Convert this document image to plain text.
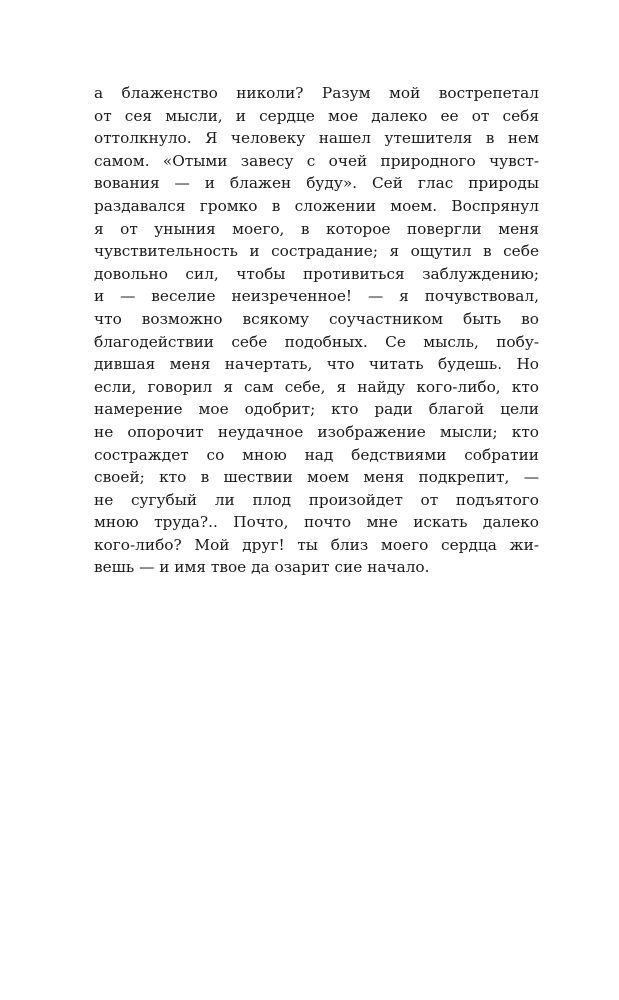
а блаженство николи? Разум мой вострепетал
от сея мысли, и сердце мое далеко ее от себя
оттолкнуло. Я человеку нашел утешителя в нем
самом. «Отыми завесу с очей природного чувст-
вования — и блажен буду». Сей глас природы
раздавался громко в сложении моем. Воспрянул
я от уныния моего, в которое повергли меня
чувствительность и сострадание; я ощутил в себе
довольно сил, чтобы противиться заблуждению;
и — веселие неизреченное! — я почувствовал,
что возможно всякому соучастником быть во
благодействии себе подобных. Се мысль, побу-
дившая меня начертать, что читать будешь. Но
если, говорил я сам себе, я найду кого-либо, кто
намерение мое одобрит; кто ради благой цели
не опорочит неудачное изображение мысли; кто
состраждет со мною над бедствиями собратии
своей; кто в шествии моем меня подкрепит, —
не сугубый ли плод произойдет от подъятого
мною труда?.. Почто, почто мне искать далеко
кого-либо? Мой друг! ты близ моего сердца жи-
вешь — и имя твое да озарит сие начало.
